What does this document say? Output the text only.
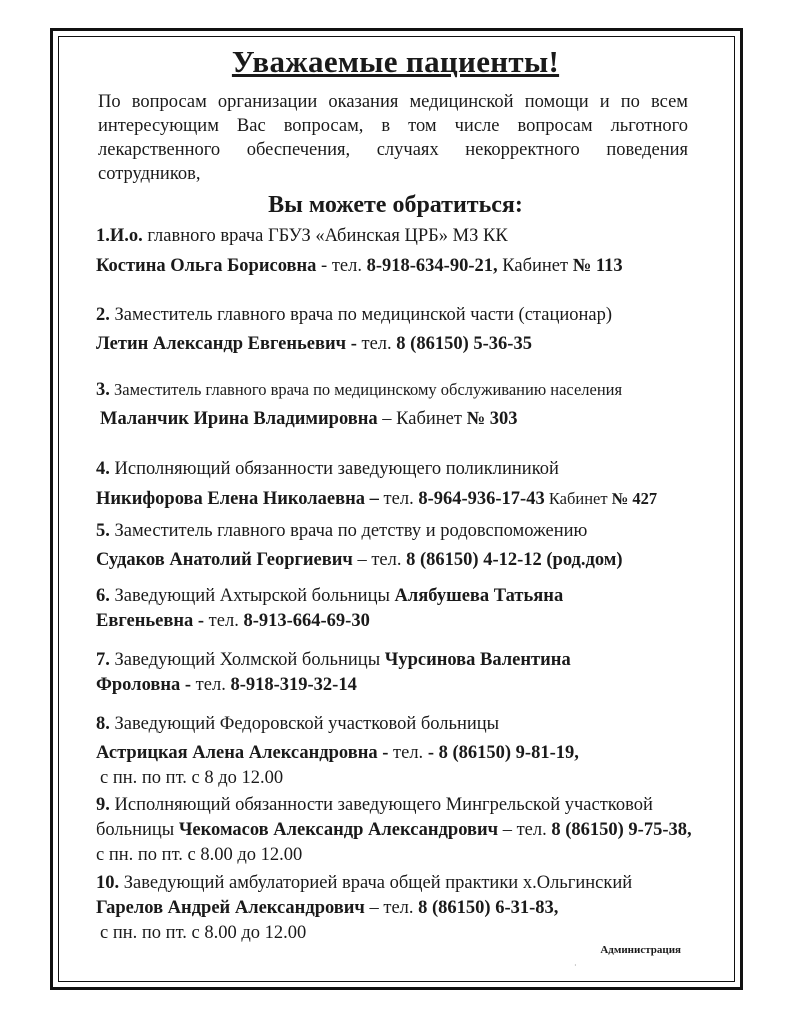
Уважаемые пациенты!
По вопросам организации оказания медицинской помощи и по всем интересующим Вас вопросам, в том числе вопросам льготного лекарственного обеспечения, случаях некорректного поведения сотрудников,
Вы можете обратиться:
1.И.о. главного врача ГБУЗ «Абинская ЦРБ» МЗ КК
Костина Ольга Борисовна - тел. 8-918-634-90-21, Кабинет № 113
2. Заместитель главного врача по медицинской части (стационар)
Летин Александр Евгеньевич - тел. 8 (86150) 5-36-35
3. Заместитель главного врача по медицинскому обслуживанию населения
Маланчик Ирина Владимировна – Кабинет № 303
4. Исполняющий обязанности заведующего поликлиникой
Никифорова Елена Николаевна – тел. 8-964-936-17-43 Кабинет № 427
5. Заместитель главного врача по детству и родовспоможению
Судаков Анатолий Георгиевич – тел. 8 (86150) 4-12-12 (род.дом)
6. Заведующий Ахтырской больницы Алябушева Татьяна Евгеньевна - тел. 8-913-664-69-30
7. Заведующий Холмской больницы Чурсинова Валентина Фроловна - тел. 8-918-319-32-14
8. Заведующий Федоровской участковой больницы
Астрицкая Алена Александровна - тел. - 8 (86150) 9-81-19,
с пн. по пт. с 8 до 12.00
9. Исполняющий обязанности заведующего Мингрельской участковой больницы Чекомасов Александр Александрович – тел. 8 (86150) 9-75-38, с пн. по пт. с 8.00 до 12.00
10. Заведующий амбулаторией врача общей практики х.Ольгинский
Гарелов Андрей Александрович – тел. 8 (86150) 6-31-83,
с пн. по пт. с 8.00 до 12.00
Администрация
·
